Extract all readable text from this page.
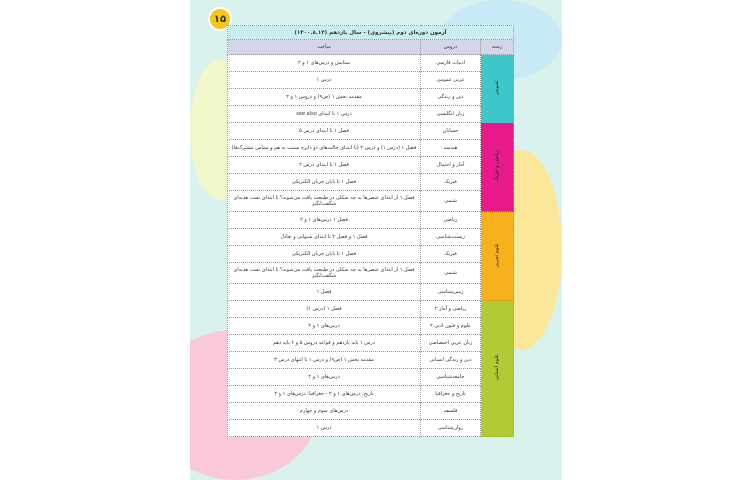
۱۵
آزمون دوره‌ای دوم (پیشروی) - سال یازدهم (۱۴۰۰.۸.۱۴)		
رشته	دروس	مباحث
عمومی	ادبیات فارسی	ستایش و درس‌های ۱ و ۲
	عربی عمومی	درس ۱
	دین و زندگی	مقدمه بخش ۱ (ص۹) و دروس ۱ و ۲
	زبان انگلیسی	درس ۱ تا ابتدای see also
ریاضی و فیزیک	حسابان	فصل ۱ تا ابتدای درس ۵
	هندسه	فصل ۱ (درس ۱) و درس ۲ (تا ابتدای حالت‌های دو دایره نسبت به هم و مماس مشترک‌ها)
	آمار و احتمال	فصل ۱ تا ابتدای درس ۲
	فیزیک	فصل ۱ تا پایان جریان الکتریکی
	شیمی	فصل ۱ از ابتدای عنصرها به چه شکلی در طبیعت یافت می‌شوند؟ تا ابتدای نفت، هدیه‌ای شگفت‌انگیز
علوم تجربی	ریاضی	فصل ۱ درس‌های ۱ و ۲
	زیست‌شناسی	فصل ۱ و فصل ۲ تا ابتدای شنوایی و تعادل
	فیزیک	فصل ۱ تا پایان جریان الکتریکی
	شیمی	فصل ۱ از ابتدای عنصرها به چه شکلی در طبیعت یافت می‌شوند؟ تا ابتدای نفت، هدیه‌ای شگفت‌انگیز
	زمین‌شناسی	فصل ۱
علوم انسانی	ریاضی و آمار ۲	فصل ۱ (درس ۱)
	علوم و فنون ادبی ۲	درس‌های ۱ و ۲
	زبان عربی اختصاصی	درس ۱ پایه یازدهم و قواعد دروس ۵ و ۶ پایه دهم
	دین و زندگی انسانی	مقدمه بخش ۱ (ص۹) و درس ۱ تا انتهای درس ۳
	جامعه‌شناسی	درس‌های ۱ و ۲
	تاریخ و جغرافیا	تاریخ: درس‌های ۱ و ۲ - جغرافیا: درس‌های ۱ و ۲
	فلسفه	درس‌های سوم و چهارم
	روان‌شناسی	درس ۱
